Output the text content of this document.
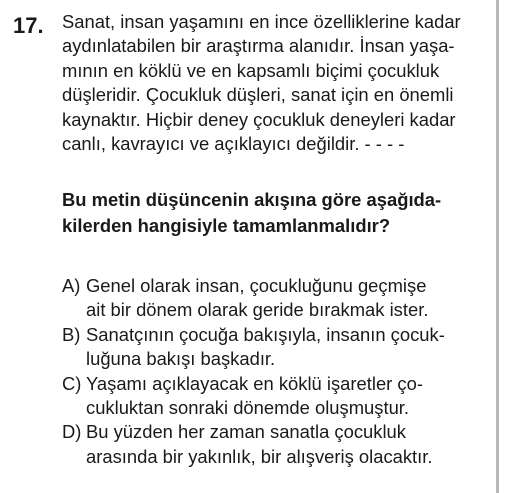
17. Sanat, insan yaşamını en ince özelliklerine kadar
aydınlatabilen bir araştırma alanıdır. İnsan yaşa-
mının en köklü ve en kapsamlı biçimi çocukluk
düşleridir. Çocukluk düşleri, sanat için en önemli
kaynaktır. Hiçbir deney çocukluk deneyleri kadar
canlı, kavrayıcı ve açıklayıcı değildir. - - - -
Bu metin düşüncenin akışına göre aşağıda-
kilerden hangisiyle tamamlanmalıdır?
A) Genel olarak insan, çocukluğunu geçmişe
ait bir dönem olarak geride bırakmak ister.
B) Sanatçının çocuğa bakışıyla, insanın çocuk-
luğuna bakışı başkadır.
C) Yaşamı açıklayacak en köklü işaretler ço-
cukluktan sonraki dönemde oluşmuştur.
D) Bu yüzden her zaman sanatla çocukluk
arasında bir yakınlık, bir alışveriş olacaktır.
